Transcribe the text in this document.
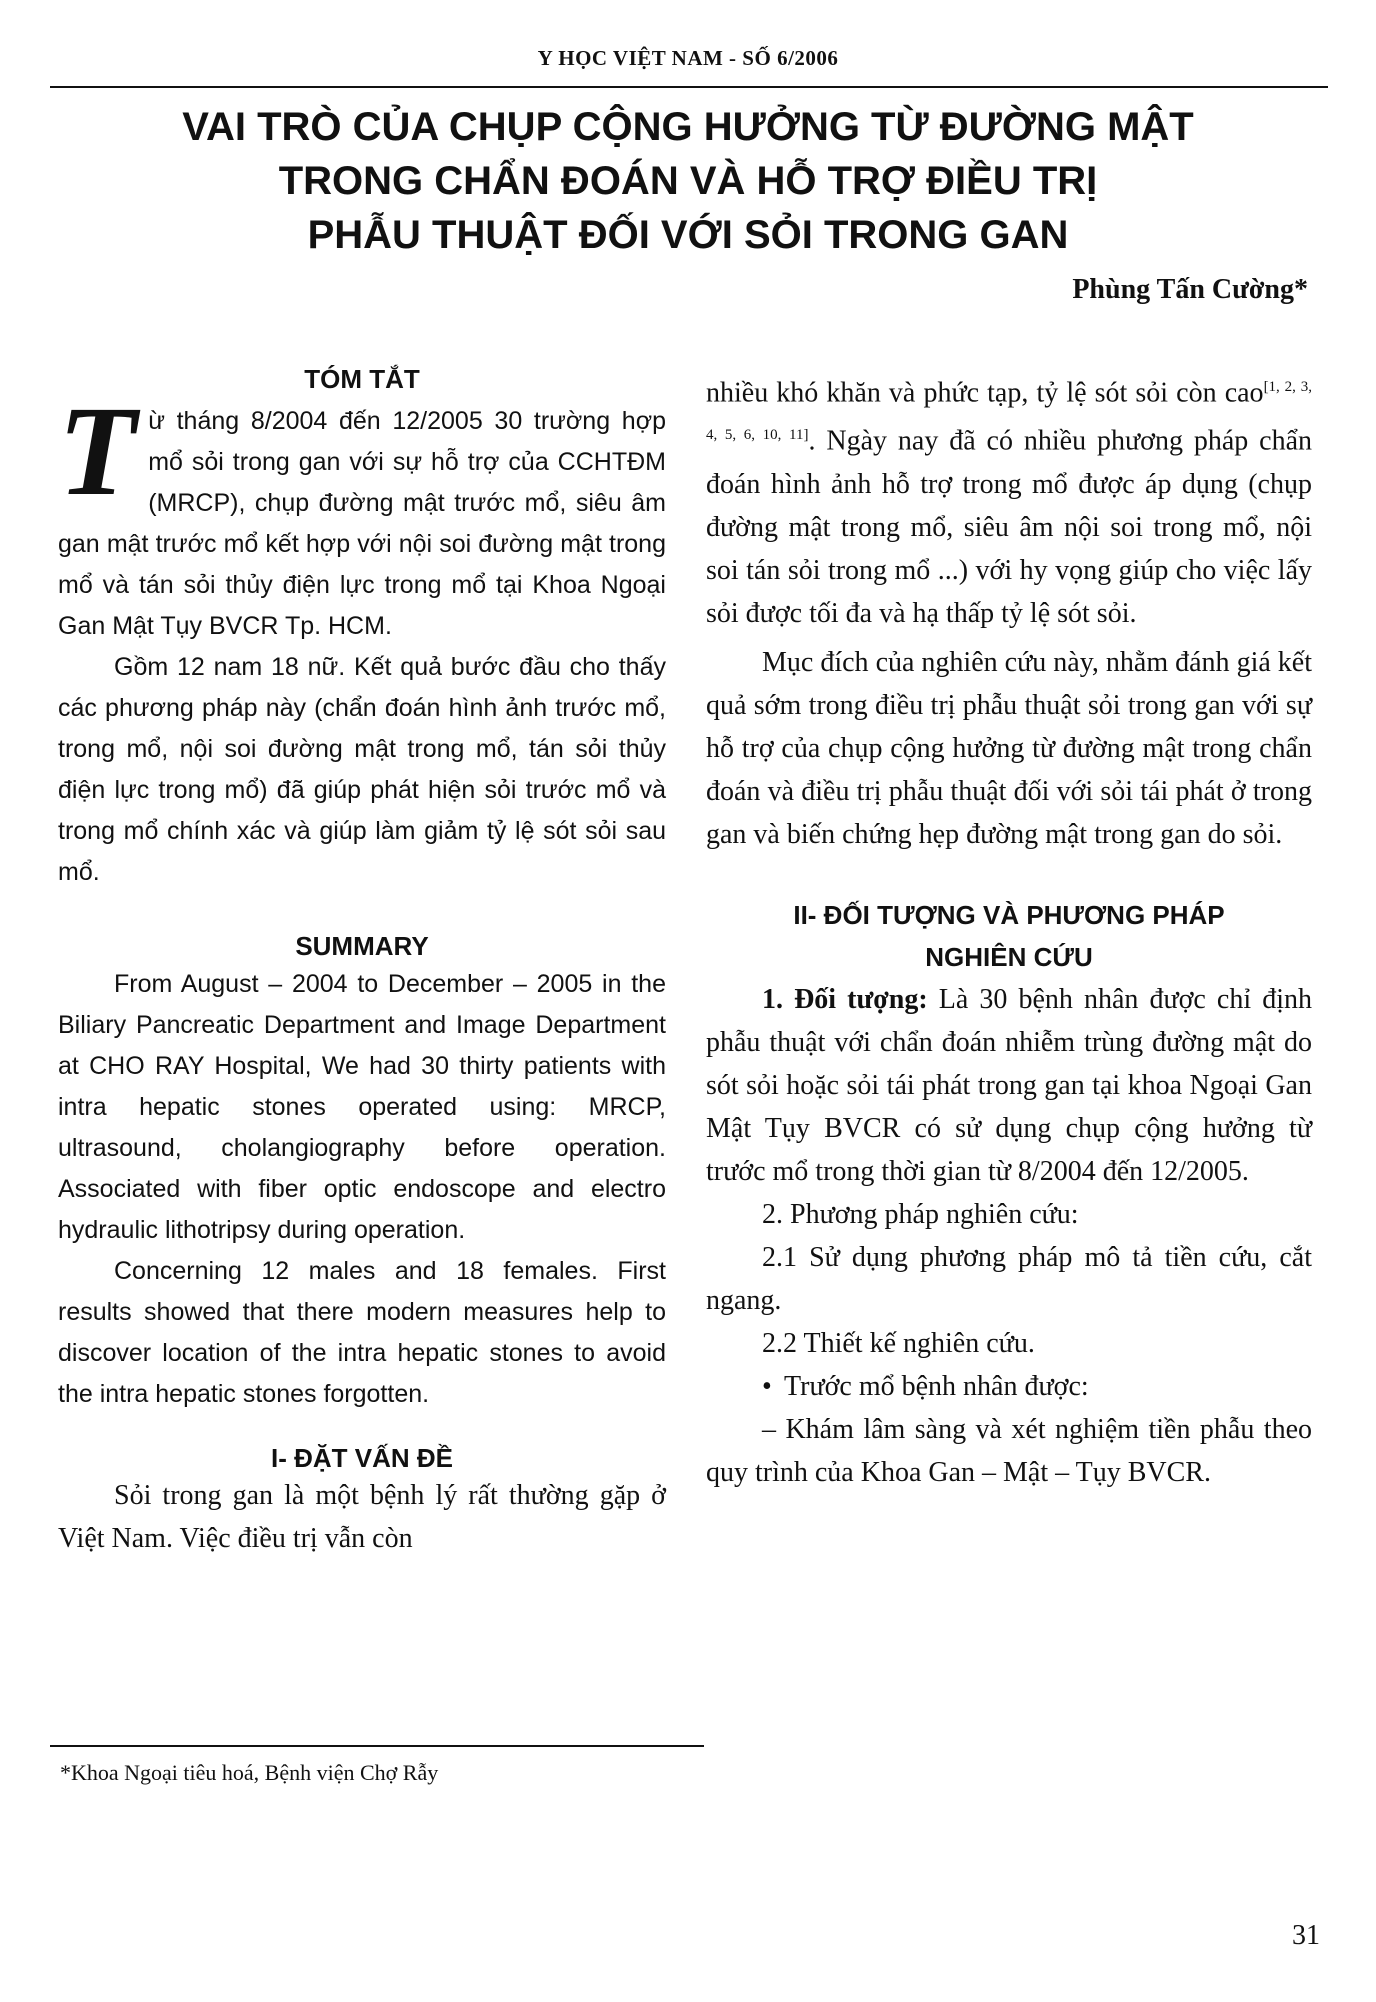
Y HỌC VIỆT NAM - SỐ 6/2006
VAI TRÒ CỦA CHỤP CỘNG HƯỞNG TỪ ĐƯỜNG MẬT
TRONG CHẨN ĐOÁN VÀ HỖ TRỢ ĐIỀU TRỊ
PHẪU THUẬT ĐỐI VỚI SỎI TRONG GAN
Phùng Tấn Cường*
TÓM TẮT

Từ tháng 8/2004 đến 12/2005 30 trường hợp mổ sỏi trong gan với sự hỗ trợ của CCHTĐM (MRCP), chụp đường mật trước mổ, siêu âm gan mật trước mổ kết hợp với nội soi đường mật trong mổ và tán sỏi thủy điện lực trong mổ tại Khoa Ngoại Gan Mật Tụy BVCR Tp. HCM.

Gồm 12 nam 18 nữ. Kết quả bước đầu cho thấy các phương pháp này (chẩn đoán hình ảnh trước mổ, trong mổ, nội soi đường mật trong mổ, tán sỏi thủy điện lực trong mổ) đã giúp phát hiện sỏi trước mổ và trong mổ chính xác và giúp làm giảm tỷ lệ sót sỏi sau mổ.

SUMMARY

From August – 2004 to December – 2005 in the Biliary Pancreatic Department and Image Department at CHO RAY Hospital, We had 30 thirty patients with intra hepatic stones operated using: MRCP, ultrasound, cholangiography before operation. Associated with fiber optic endoscope and electro hydraulic lithotripsy during operation.

Concerning 12 males and 18 females. First results showed that there modern measures help to discover location of the intra hepatic stones to avoid the intra hepatic stones forgotten.

I- ĐẶT VẤN ĐỀ

Sỏi trong gan là một bệnh lý rất thường gặp ở Việt Nam. Việc điều trị vẫn còn

nhiều khó khăn và phức tạp, tỷ lệ sót sỏi còn cao[1, 2, 3, 4, 5, 6, 10, 11]. Ngày nay đã có nhiều phương pháp chẩn đoán hình ảnh hỗ trợ trong mổ được áp dụng (chụp đường mật trong mổ, siêu âm nội soi trong mổ, nội soi tán sỏi trong mổ ...) với hy vọng giúp cho việc lấy sỏi được tối đa và hạ thấp tỷ lệ sót sỏi.

Mục đích của nghiên cứu này, nhằm đánh giá kết quả sớm trong điều trị phẫu thuật sỏi trong gan với sự hỗ trợ của chụp cộng hưởng từ đường mật trong chẩn đoán và điều trị phẫu thuật đối với sỏi tái phát ở trong gan và biến chứng hẹp đường mật trong gan do sỏi.

II- ĐỐI TƯỢNG VÀ PHƯƠNG PHÁP
NGHIÊN CỨU

1. Đối tượng: Là 30 bệnh nhân được chỉ định phẫu thuật với chẩn đoán nhiễm trùng đường mật do sót sỏi hoặc sỏi tái phát trong gan tại khoa Ngoại Gan Mật Tụy BVCR có sử dụng chụp cộng hưởng từ trước mổ trong thời gian từ 8/2004 đến 12/2005.

2. Phương pháp nghiên cứu:

2.1 Sử dụng phương pháp mô tả tiền cứu, cắt ngang.

2.2 Thiết kế nghiên cứu.

• Trước mổ bệnh nhân được:

– Khám lâm sàng và xét nghiệm tiền phẫu theo quy trình của Khoa Gan – Mật – Tụy BVCR.

*Khoa Ngoại tiêu hoá, Bệnh viện Chợ Rẫy
31
